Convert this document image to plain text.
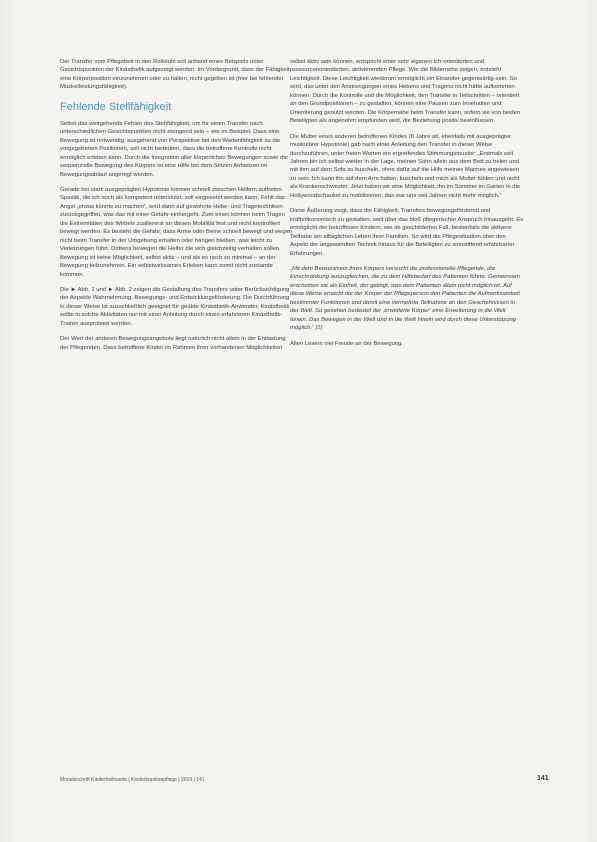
Der Transfer vom Pflegebett in den Rollstuhl soll anhand eines Beispiels unter Gesichtspunkten der Kinästhetik aufgezeigt werden: Im Vordergrund, dass der Fähigkeit, eine Körperposition einzunehmen oder zu halten, nicht gegeben ist (hier bei fehlender Muskelleistungsfähigkeit).

Fehlende Stellfähigkeit

Selbst das weitgehende Fehlen des Stehfähigkeit, um für einen Transfer nach unterschiedlichen Gesichtspunkten nicht zwingend sein – wie im Beispiel. Dass eine Bewegung ist notwendig, ausgehend von Perspektive bei den Wadenfähigkeit zu die vorgegebenen Positionen, soll nicht bedeuten, dass die betroffene Kontrolle nicht ermöglich erleben kann. Durch die Integration aller körperlichen Bewegungen sowie die sequenzielle Bewegung des Körpers ist eine Hilfe bei dem Setzen Aufsetzen im Bewegungsablauf angeregt werden.

Gerade bei stark ausgeprägten Hypotonie können schnell zwischen Helfern auftreten. Spastik, die ich noch als kompetent unterstützt, soll eingesetzt werden kann. Fehlt das Angst „etwas könnte zu machen“, wird dann auf gewohnte Hebe- und Tragetechniken zurückgegriffen, was das mit einer Gefahr einhergeht. Zum einen können beim Tragen die Extremitäten des Wirbels zuallererst an diesen Mobilität fest und nicht kontrolliert bewegt werden. Es besteht die Gefahr, dass Arme oder Beine schnell bewegt und wegen nicht beim Transfer in der Umgebung erhalten oder hängen bleiben, was leicht zu Verletzungen führt. Drittens bewegen die Helfer die sich gleichzeitig verhalten sollen. Bewegung ist keine Möglichkeit, selbst aktiv – und als es noch so minimal – an der Bewegung teilzunehmen. Ein selbstwirksames Erleben kann somit nicht zustande kommen.

Die ► Abb. 1 und ► Abb. 2 zeigen die Gestaltung des Transfers unter Berücksichtigung der Aspekte Wahrnehmung, Bewegungs- und Entwicklungsförderung. Die Durchführung in dieser Weise ist ausschließlich geeignet für geübte Kinästhetik-Anwender, Kinästhetik sollte in solche Aktivitäten nur mit einer Anleitung durch einen erfahrenen Kinästhetik-Trainer ausprobiert werden.

Der Wert der anderen Bewegungsangebote liegt natürlich nicht allein in der Entlastung der Pflegenden. Dass betroffene Kinder im Rahmen ihrer vorhandenen Möglichkeiten

selbst aktiv sein können, entspricht einer sehr eigenen Ich-orientierten und ressourcenorientierten, aktivierenden Pflege. Wie die Bilderreihe zeigen, entsteht Leichtigkeit. Diese Leichtigkeit wiederum ermöglicht ein Einander-gegenwärtig-sein. So wird, das unter den Anstrengungen eines Hebens und Tragens nicht hätte aufkommen können. Durch die Kontrolle und die Möglichkeit, den Transfer in Teilschritten – orientiert an den Grundpositionen – zu gestalten, können eine Pausen zum Innehalten und Orientierung genutzt werden. Die Körpernähe beim Transfer kann, sofern sie von beiden Beteiligten als angenehm empfunden wird, die Beziehung positiv beeinflussen.

Die Mutter eines anderen betroffenen Kindes (8 Jahre alt, ebenfalls mit ausgeprägter muskulärer Hypotonie) gab nach einer Anleitung den Transfer in dieser Weise durchzuführen, unter freien Worten ein ergreifendes Stimmungsmuster: „Erstmals seit Jahren bin ich selbst wieder in der Lage, meinen Sohn allein aus dem Bett zu holen und mit ihm auf dem Sofa zu kuscheln, ohne dafür auf die Hilfe meines Mannes angewiesen zu sein. Ich kann ihn auf dem Arm halten, kuscheln und mich als Mutter fühlen und nicht als Krankenschwester. Jetzt haben wir eine Möglichkeit, ihn im Sommer im Garten in die Hollywoodschaukel zu mobilisieren, das war uns seit Jahren nicht mehr möglich.“

Diese Äußerung zeigt, dass die Fähigkeit, Transfers bewegungsfördernd und kräfteökonomisch zu gestalten, weit über das bloß pflegerischer Anspruch hinausgeht. Es ermöglicht der betroffenen Kindern, wie im geschilderten Fall, bestenfalls die aktivere Teilhabe am alltäglichen Leben ihrer Familien. So wird die Pflegesituation über den Aspekt der angewandten Technik hinaus für die Beteiligten zu sinnstiftend erfahrbaren Erfahrungen.

„Mit dem Bewusstsein ihres Körpers versucht die professionelle Pflegende, die Einschränkung auszugleichen, die zu dem Hilfebedarf des Patienten führte. Gemeinsam erscheinen sie als Einheit, der gelingt, was dem Patienten allein nicht möglich ist. Auf diese Weise erreicht die der Körper der Pflegeperson den Patienten die Aufmerksamkeit bestimmter Funktionen und damit eine vermehrte Teilnahme an den Geschehnissen in der Welt. So gesehen bedeutet der ‚erweiterte Körper‘ eine Erweiterung in die Welt hinein. Das Bewegen in der Welt und in die Welt hinein wird durch diese Unterstützung möglich.“ [1]

Allen Lesern viel Freude an der Bewegung.

Monatsschrift Kinderheilkunde | Kinderkrankenpflege | 2019 | 141	141
